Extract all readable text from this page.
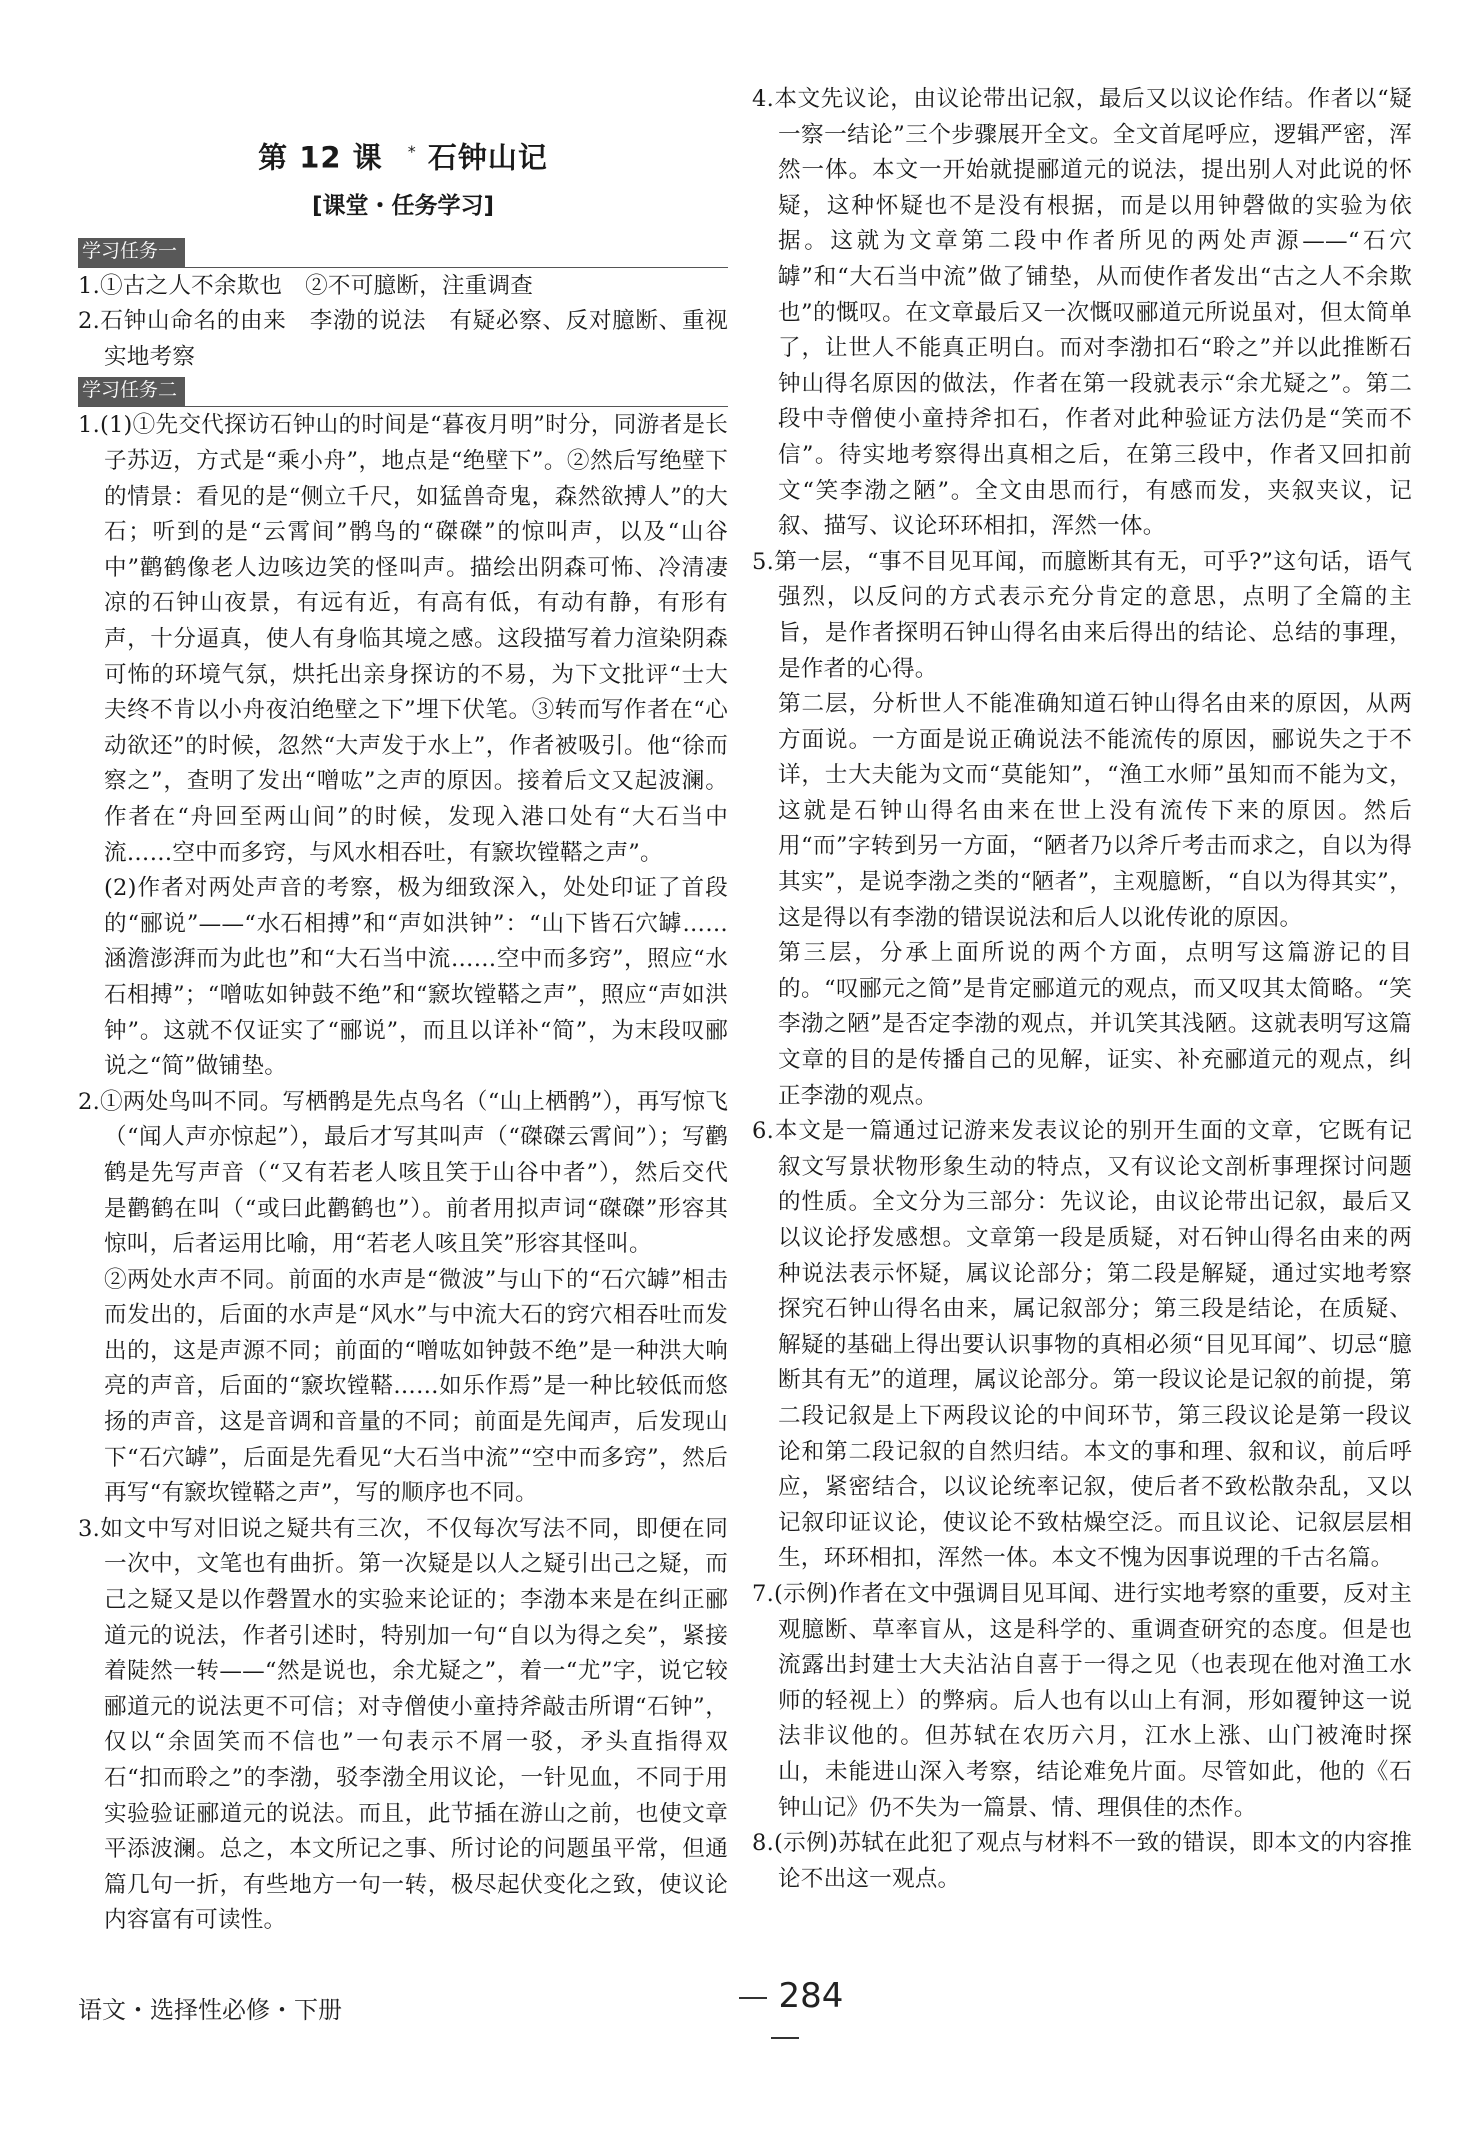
第 12 课 * 石钟山记
[课堂・任务学习]
学习任务一

1.①古之人不余欺也　②不可臆断，注重调查

2.石钟山命名的由来　李渤的说法　有疑必察、反对臆断、重视实地考察

学习任务二

1.(1)①先交代探访石钟山的时间是“暮夜月明”时分，同游者是长子苏迈，方式是“乘小舟”，地点是“绝壁下”。②然后写绝壁下的情景：看见的是“侧立千尺，如猛兽奇鬼，森然欲搏人”的大石；听到的是“云霄间”鹘鸟的“磔磔”的惊叫声，以及“山谷中”鹳鹤像老人边咳边笑的怪叫声。描绘出阴森可怖、冷清凄凉的石钟山夜景，有远有近，有高有低，有动有静，有形有声，十分逼真，使人有身临其境之感。这段描写着力渲染阴森可怖的环境气氛，烘托出亲身探访的不易，为下文批评“士大夫终不肯以小舟夜泊绝壁之下”埋下伏笔。③转而写作者在“心动欲还”的时候，忽然“大声发于水上”，作者被吸引。他“徐而察之”，查明了发出“噌吰”之声的原因。接着后文又起波澜。作者在“舟回至两山间”的时候，发现入港口处有“大石当中流……空中而多窍，与风水相吞吐，有窾坎镗鞳之声”。

(2)作者对两处声音的考察，极为细致深入，处处印证了首段的“郦说”——“水石相搏”和“声如洪钟”：“山下皆石穴罅……涵澹澎湃而为此也”和“大石当中流……空中而多窍”，照应“水石相搏”；“噌吰如钟鼓不绝”和“窾坎镗鞳之声”，照应“声如洪钟”。这就不仅证实了“郦说”，而且以详补“简”，为末段叹郦说之“简”做铺垫。

2.①两处鸟叫不同。写栖鹘是先点鸟名（“山上栖鹘”），再写惊飞（“闻人声亦惊起”），最后才写其叫声（“磔磔云霄间”）；写鹳鹤是先写声音（“又有若老人咳且笑于山谷中者”），然后交代是鹳鹤在叫（“或曰此鹳鹤也”）。前者用拟声词“磔磔”形容其惊叫，后者运用比喻，用“若老人咳且笑”形容其怪叫。

②两处水声不同。前面的水声是“微波”与山下的“石穴罅”相击而发出的，后面的水声是“风水”与中流大石的窍穴相吞吐而发出的，这是声源不同；前面的“噌吰如钟鼓不绝”是一种洪大响亮的声音，后面的“窾坎镗鞳……如乐作焉”是一种比较低而悠扬的声音，这是音调和音量的不同；前面是先闻声，后发现山下“石穴罅”，后面是先看见“大石当中流”“空中而多窍”，然后再写“有窾坎镗鞳之声”，写的顺序也不同。

3.如文中写对旧说之疑共有三次，不仅每次写法不同，即便在同一次中，文笔也有曲折。第一次疑是以人之疑引出己之疑，而己之疑又是以作磬置水的实验来论证的；李渤本来是在纠正郦道元的说法，作者引述时，特别加一句“自以为得之矣”，紧接着陡然一转——“然是说也，余尤疑之”，着一“尤”字，说它较郦道元的说法更不可信；对寺僧使小童持斧敲击所谓“石钟”，仅以“余固笑而不信也”一句表示不屑一驳，矛头直指得双石“扣而聆之”的李渤，驳李渤全用议论，一针见血，不同于用实验验证郦道元的说法。而且，此节插在游山之前，也使文章平添波澜。总之，本文所记之事、所讨论的问题虽平常，但通篇几句一折，有些地方一句一转，极尽起伏变化之致，使议论内容富有可读性。

4.本文先议论，由议论带出记叙，最后又以议论作结。作者以“疑一察一结论”三个步骤展开全文。全文首尾呼应，逻辑严密，浑然一体。本文一开始就提郦道元的说法，提出别人对此说的怀疑，这种怀疑也不是没有根据，而是以用钟磬做的实验为依据。这就为文章第二段中作者所见的两处声源——“石穴罅”和“大石当中流”做了铺垫，从而使作者发出“古之人不余欺也”的慨叹。在文章最后又一次慨叹郦道元所说虽对，但太简单了，让世人不能真正明白。而对李渤扣石“聆之”并以此推断石钟山得名原因的做法，作者在第一段就表示“余尤疑之”。第二段中寺僧使小童持斧扣石，作者对此种验证方法仍是“笑而不信”。待实地考察得出真相之后，在第三段中，作者又回扣前文“笑李渤之陋”。全文由思而行，有感而发，夹叙夹议，记叙、描写、议论环环相扣，浑然一体。

5.第一层，“事不目见耳闻，而臆断其有无，可乎?”这句话，语气强烈，以反问的方式表示充分肯定的意思，点明了全篇的主旨，是作者探明石钟山得名由来后得出的结论、总结的事理，是作者的心得。

第二层，分析世人不能准确知道石钟山得名由来的原因，从两方面说。一方面是说正确说法不能流传的原因，郦说失之于不详，士大夫能为文而“莫能知”，“渔工水师”虽知而不能为文，这就是石钟山得名由来在世上没有流传下来的原因。然后用“而”字转到另一方面，“陋者乃以斧斤考击而求之，自以为得其实”，是说李渤之类的“陋者”，主观臆断，“自以为得其实”，这是得以有李渤的错误说法和后人以讹传讹的原因。

第三层，分承上面所说的两个方面，点明写这篇游记的目的。“叹郦元之简”是肯定郦道元的观点，而又叹其太简略。“笑李渤之陋”是否定李渤的观点，并讥笑其浅陋。这就表明写这篇文章的目的是传播自己的见解，证实、补充郦道元的观点，纠正李渤的观点。

6.本文是一篇通过记游来发表议论的别开生面的文章，它既有记叙文写景状物形象生动的特点，又有议论文剖析事理探讨问题的性质。全文分为三部分：先议论，由议论带出记叙，最后又以议论抒发感想。文章第一段是质疑，对石钟山得名由来的两种说法表示怀疑，属议论部分；第二段是解疑，通过实地考察探究石钟山得名由来，属记叙部分；第三段是结论，在质疑、解疑的基础上得出要认识事物的真相必须“目见耳闻”、切忌“臆断其有无”的道理，属议论部分。第一段议论是记叙的前提，第二段记叙是上下两段议论的中间环节，第三段议论是第一段议论和第二段记叙的自然归结。本文的事和理、叙和议，前后呼应，紧密结合，以议论统率记叙，使后者不致松散杂乱，又以记叙印证议论，使议论不致枯燥空泛。而且议论、记叙层层相生，环环相扣，浑然一体。本文不愧为因事说理的千古名篇。

7.(示例)作者在文中强调目见耳闻、进行实地考察的重要，反对主观臆断、草率盲从，这是科学的、重调查研究的态度。但是也流露出封建士大夫沾沾自喜于一得之见（也表现在他对渔工水师的轻视上）的弊病。后人也有以山上有洞，形如覆钟这一说法非议他的。但苏轼在农历六月，江水上涨、山门被淹时探山，未能进山深入考察，结论难免片面。尽管如此，他的《石钟山记》仍不失为一篇景、情、理俱佳的杰作。

8.(示例)苏轼在此犯了观点与材料不一致的错误，即本文的内容推论不出这一观点。

语文・选择性必修・下册	284
